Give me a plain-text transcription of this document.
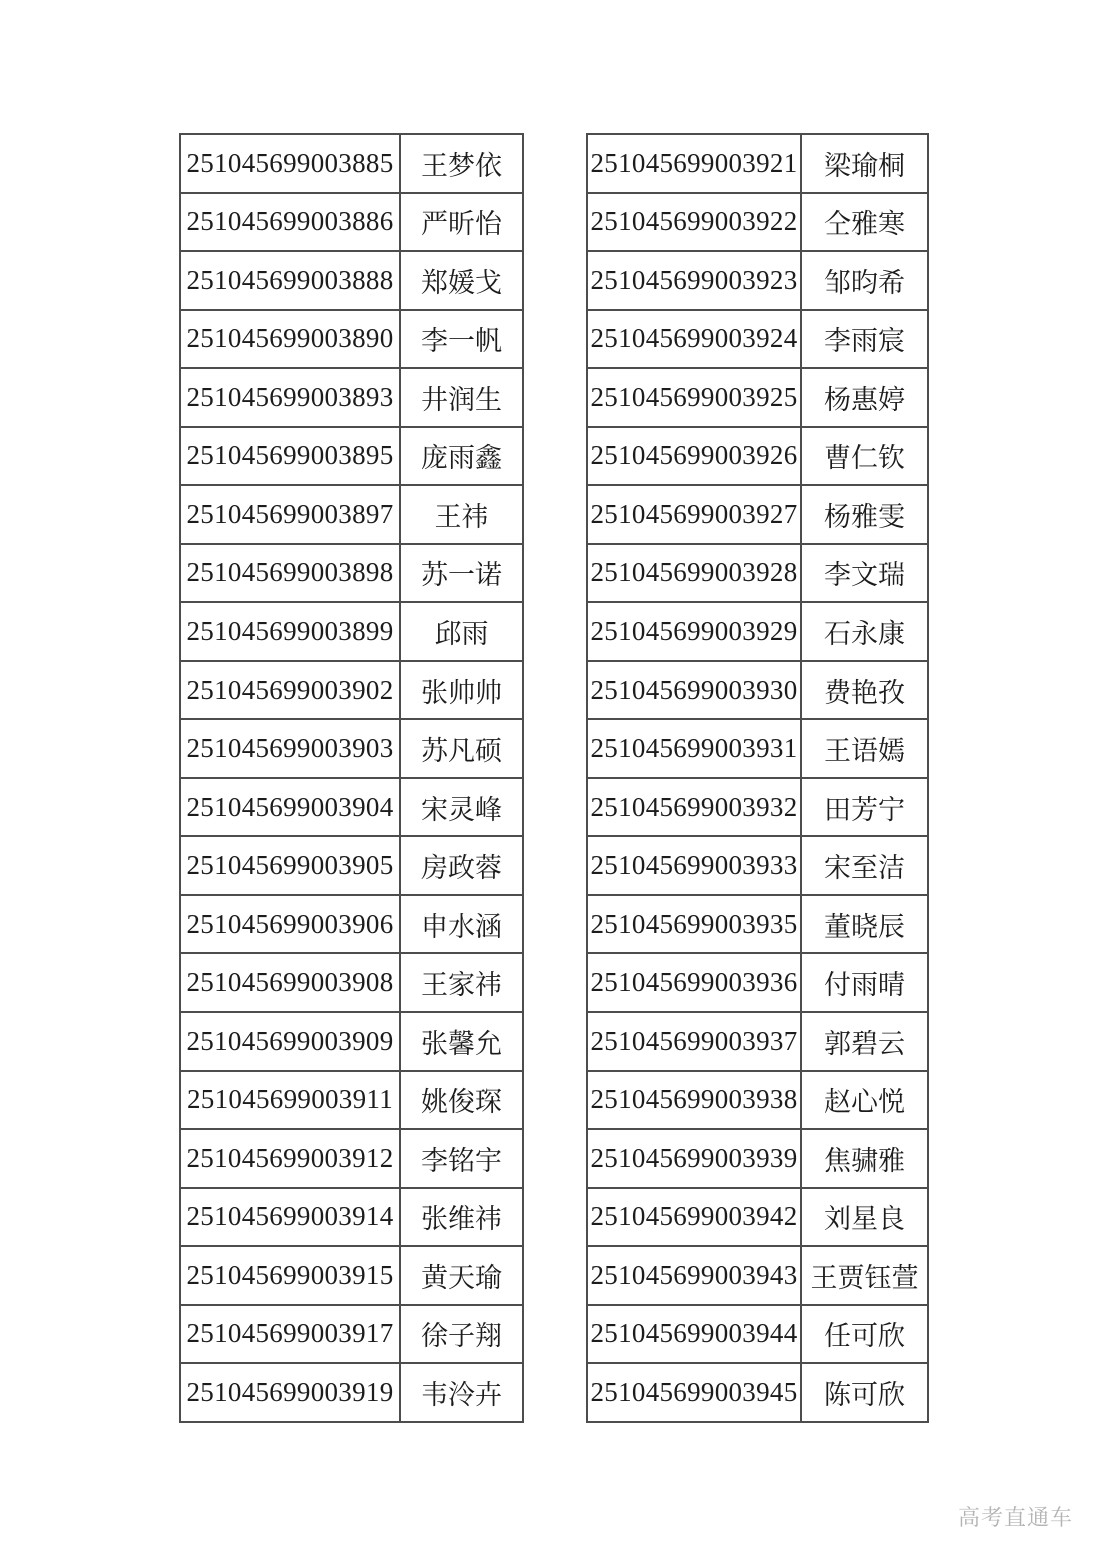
251045699003885	王梦依
251045699003886	严昕怡
251045699003888	郑媛戈
251045699003890	李一帆
251045699003893	井润生
251045699003895	庞雨鑫
251045699003897	王祎
251045699003898	苏一诺
251045699003899	邱雨
251045699003902	张帅帅
251045699003903	苏凡硕
251045699003904	宋灵峰
251045699003905	房政蓉
251045699003906	申水涵
251045699003908	王家祎
251045699003909	张馨允
251045699003911	姚俊琛
251045699003912	李铭宇
251045699003914	张维祎
251045699003915	黄天瑜
251045699003917	徐子翔
251045699003919	韦泠卉
251045699003921	梁瑜桐
251045699003922	仝雅寒
251045699003923	邹昀希
251045699003924	李雨宸
251045699003925	杨惠婷
251045699003926	曹仁钦
251045699003927	杨雅雯
251045699003928	李文瑞
251045699003929	石永康
251045699003930	费艳孜
251045699003931	王语嫣
251045699003932	田芳宁
251045699003933	宋至洁
251045699003935	董晓辰
251045699003936	付雨晴
251045699003937	郭碧云
251045699003938	赵心悦
251045699003939	焦骕雅
251045699003942	刘星良
251045699003943	王贾钰萱
251045699003944	任可欣
251045699003945	陈可欣
高考直通车
